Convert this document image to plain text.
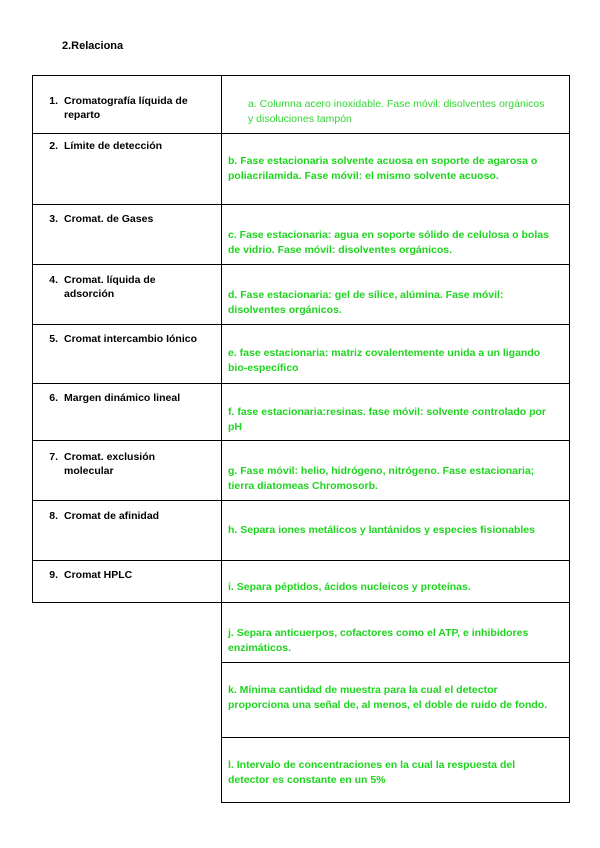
2.Relaciona
1. Cromatografía líquida de reparto
2. Límite de detección
3. Cromat. de Gases
4. Cromat. líquida de adsorción
5. Cromat intercambio Iónico
6. Margen dinámico lineal
7. Cromat. exclusión molecular
8. Cromat de afinidad
9. Cromat HPLC
a. Columna acero inoxidable. Fase móvil: disolventes orgánicos y disoluciones tampón
b. Fase estacionaria solvente acuosa en soporte de agarosa o poliacrilamida. Fase móvil: el mismo solvente acuoso.
c. Fase estacionaria: agua en soporte sólido de celulosa o bolas de vidrio. Fase móvil: disolventes orgánicos.
d. Fase estacionaria: gel de sílice, alúmina. Fase móvil: disolventes orgánicos.
e. fase estacionaria: matriz covalentemente unida a un ligando bio-específico
f. fase estacionaria:resinas. fase móvil: solvente controlado por pH
g. Fase móvil: helio, hidrógeno, nitrógeno. Fase estacionaria; tierra diatomeas Chromosorb.
h. Separa iones metálicos y lantánidos y especies fisionables
i. Separa péptidos, ácidos nucleicos y proteínas.
j. Separa anticuerpos, cofactores como el ATP, e inhibidores enzimáticos.
k. Mínima cantidad de muestra para la cual el detector proporciona una señal de, al menos, el doble de ruido de fondo.
l. Intervalo de concentraciones en la cual la respuesta del detector es constante en un 5%
